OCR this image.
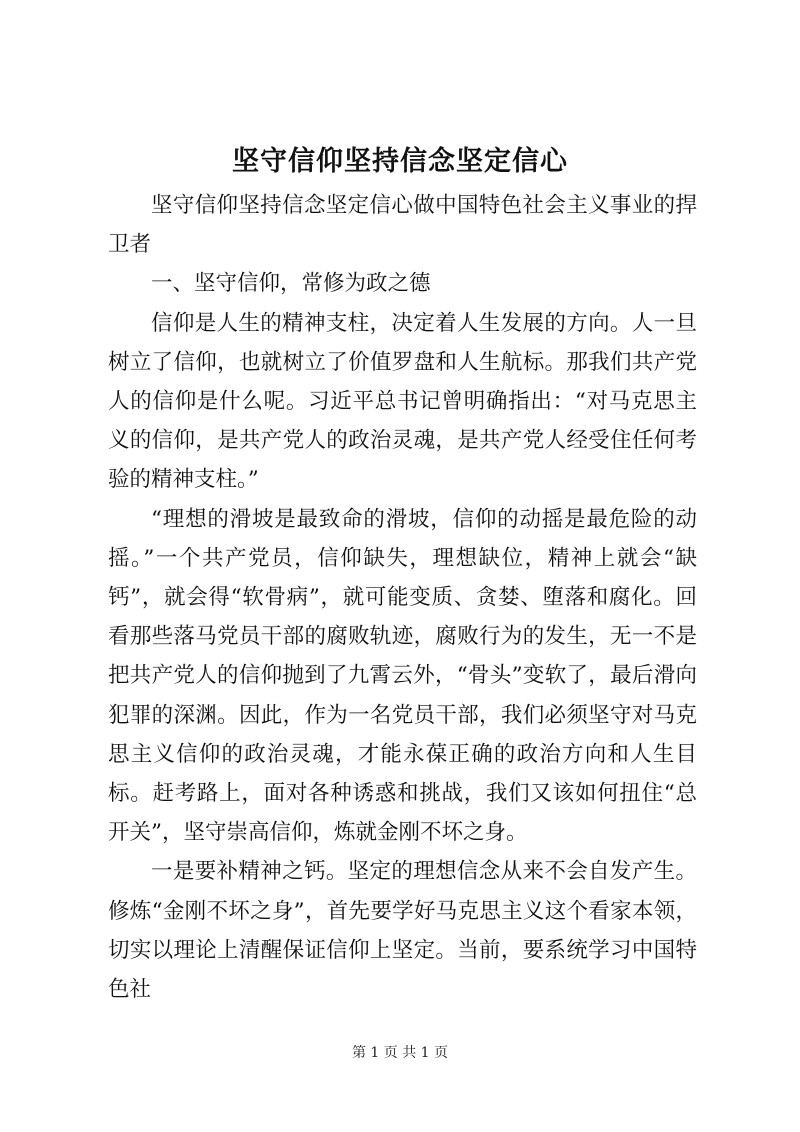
坚守信仰坚持信念坚定信心

坚守信仰坚持信念坚定信心做中国特色社会主义事业的捍卫者

一、坚守信仰，常修为政之德

信仰是人生的精神支柱，决定着人生发展的方向。人一旦树立了信仰，也就树立了价值罗盘和人生航标。那我们共产党人的信仰是什么呢。习近平总书记曾明确指出：“对马克思主义的信仰，是共产党人的政治灵魂，是共产党人经受住任何考验的精神支柱。”

“理想的滑坡是最致命的滑坡，信仰的动摇是最危险的动摇。”一个共产党员，信仰缺失，理想缺位，精神上就会“缺钙”，就会得“软骨病”，就可能变质、贪婪、堕落和腐化。回看那些落马党员干部的腐败轨迹，腐败行为的发生，无一不是把共产党人的信仰抛到了九霄云外，“骨头”变软了，最后滑向犯罪的深渊。因此，作为一名党员干部，我们必须坚守对马克思主义信仰的政治灵魂，才能永葆正确的政治方向和人生目标。赶考路上，面对各种诱惑和挑战，我们又该如何扭住“总开关”，坚守崇高信仰，炼就金刚不坏之身。

一是要补精神之钙。坚定的理想信念从来不会自发产生。修炼“金刚不坏之身”，首先要学好马克思主义这个看家本领，切实以理论上清醒保证信仰上坚定。当前，要系统学习中国特色社

第 1 页 共 1 页
